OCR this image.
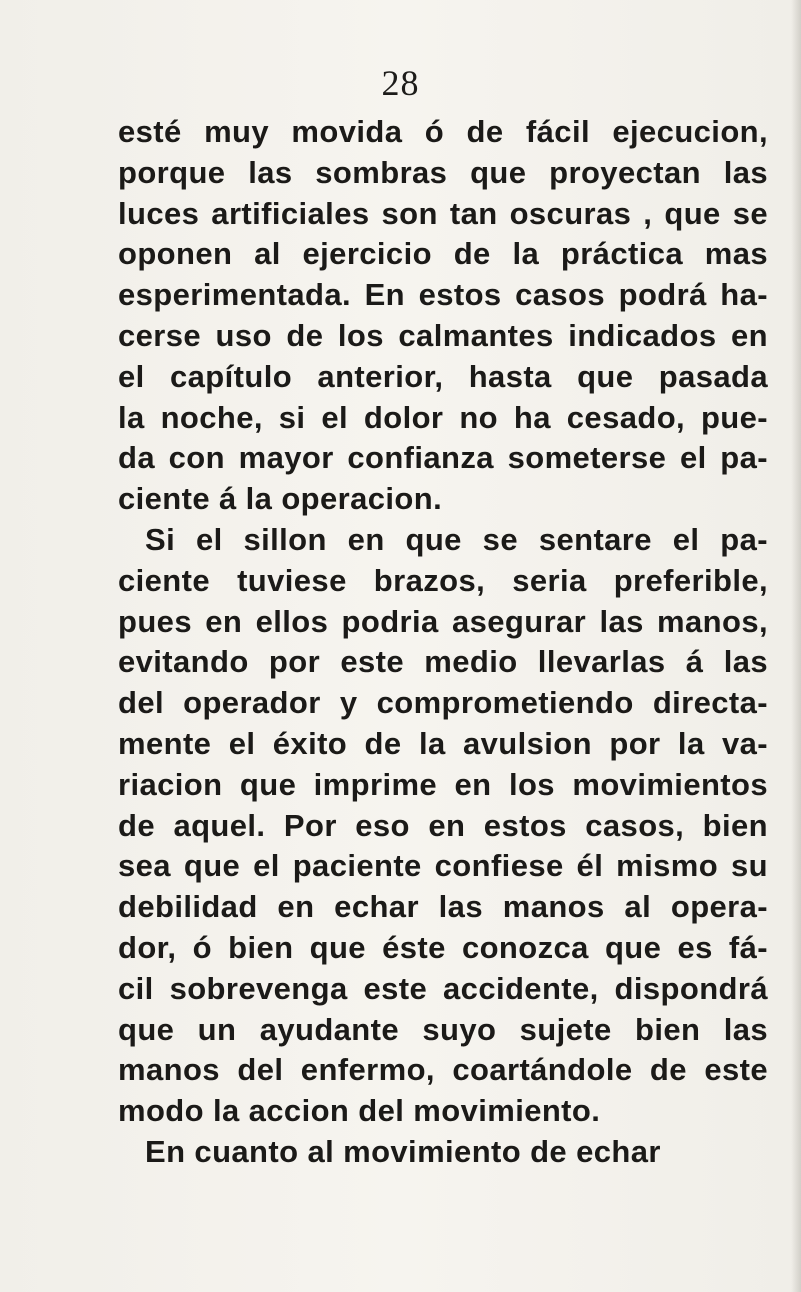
28
esté muy movida ó de fácil ejecucion,
porque las sombras que proyectan las
luces artificiales son tan oscuras , que se
oponen al ejercicio de la práctica mas
esperimentada. En estos casos podrá ha-
cerse uso de los calmantes indicados en
el capítulo anterior, hasta que pasada
la noche, si el dolor no ha cesado, pue-
da con mayor confianza someterse el pa-
ciente á la operacion.
Si el sillon en que se sentare el pa-
ciente tuviese brazos, seria preferible,
pues en ellos podria asegurar las manos,
evitando por este medio llevarlas á las
del operador y comprometiendo directa-
mente el éxito de la avulsion por la va-
riacion que imprime en los movimientos
de aquel. Por eso en estos casos, bien
sea que el paciente confiese él mismo su
debilidad en echar las manos al opera-
dor, ó bien que éste conozca que es fá-
cil sobrevenga este accidente, dispondrá
que un ayudante suyo sujete bien las
manos del enfermo, coartándole de este
modo la accion del movimiento.
En cuanto al movimiento de echar
